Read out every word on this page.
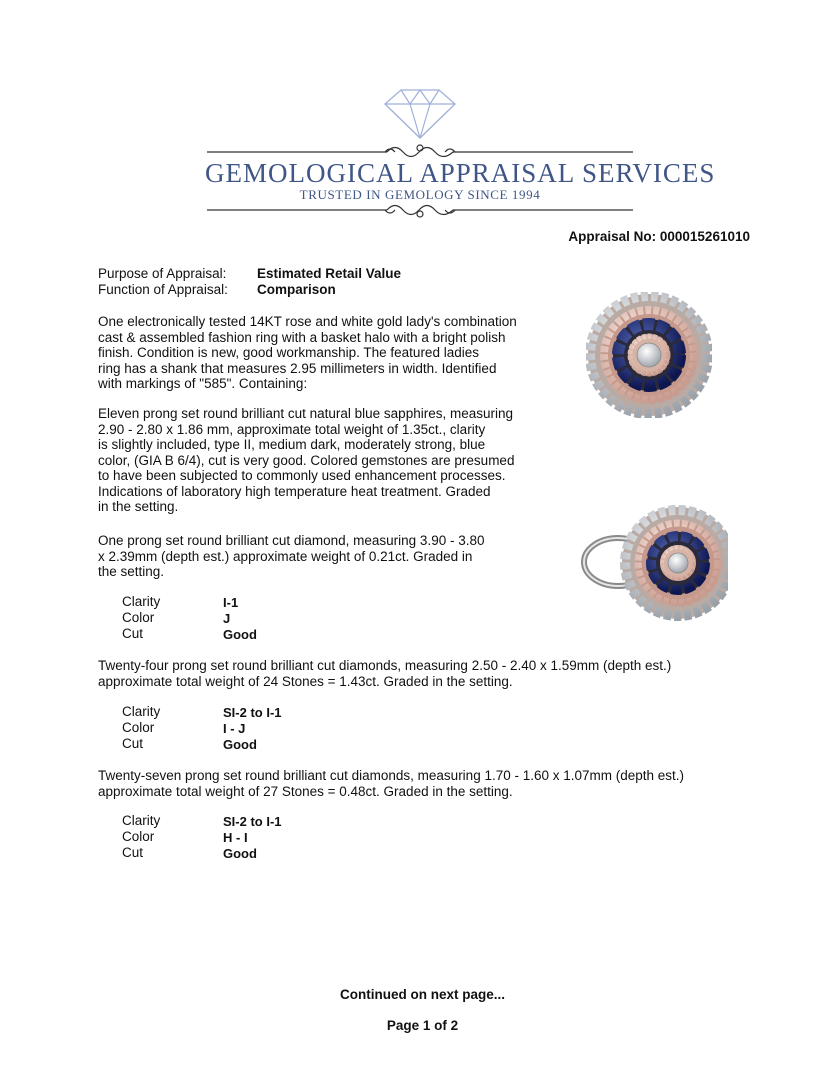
GEMOLOGICAL APPRAISAL SERVICES
TRUSTED IN GEMOLOGY SINCE 1994
Appraisal No: 000015261010
Purpose of Appraisal: Estimated Retail Value
Function of Appraisal: Comparison
One electronically tested 14KT rose and white gold lady's combination
cast & assembled fashion ring with a basket halo with a bright polish
finish. Condition is new, good workmanship. The featured ladies
ring has a shank that measures 2.95 millimeters in width. Identified
with markings of "585". Containing:
Eleven prong set round brilliant cut natural blue sapphires, measuring
2.90 - 2.80 x 1.86 mm, approximate total weight of 1.35ct., clarity
is slightly included, type II, medium dark, moderately strong, blue
color, (GIA B 6/4), cut is very good. Colored gemstones are presumed
to have been subjected to commonly used enhancement processes.
Indications of laboratory high temperature heat treatment. Graded
in the setting.
One prong set round brilliant cut diamond, measuring 3.90 - 3.80
x 2.39mm (depth est.) approximate weight of 0.21ct. Graded in
the setting.
Clarity	I-1
Color	J
Cut	Good
Twenty-four prong set round brilliant cut diamonds, measuring 2.50 - 2.40 x 1.59mm (depth est.)
approximate total weight of 24 Stones = 1.43ct. Graded in the setting.
Clarity	SI-2 to I-1
Color	I - J
Cut	Good
Twenty-seven prong set round brilliant cut diamonds, measuring 1.70 - 1.60 x 1.07mm (depth est.)
approximate total weight of 27 Stones = 0.48ct. Graded in the setting.
Clarity	SI-2 to I-1
Color	H - I
Cut	Good
Continued on next page...
Page 1 of 2
